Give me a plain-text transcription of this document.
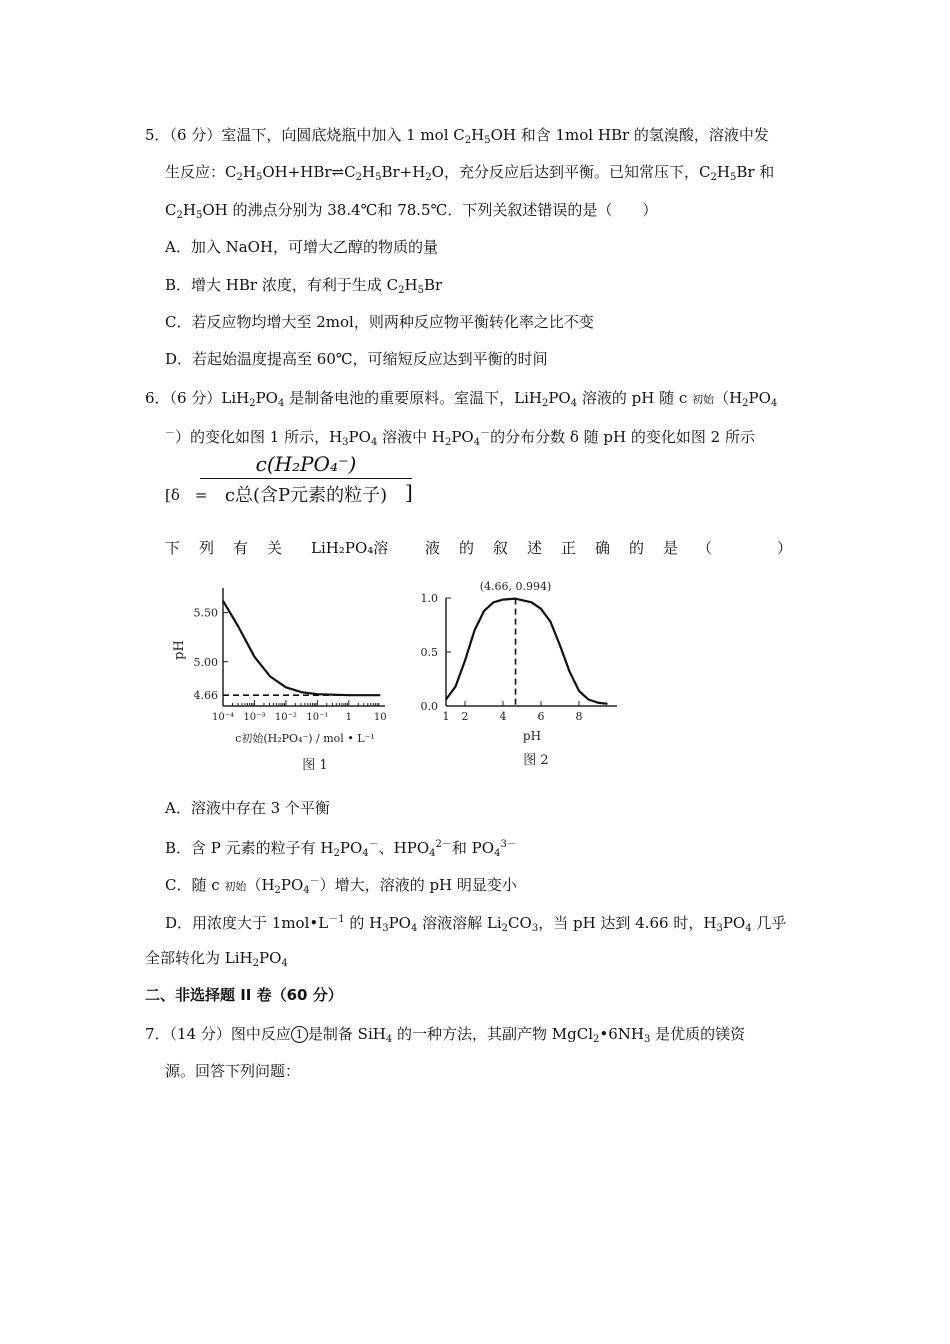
5．（6 分）室温下，向圆底烧瓶中加入 1 mol $C_2H_5OH$ 和含 1mol HBr 的氢溴酸，溶液中发
生反应：$C_2H_5OH+HBr\rightleftharpoons C_2H_5Br+H_2O$，充分反应后达到平衡。已知常压下，$C_2H_5Br$ 和
$C_2H_5OH$ 的沸点分别为 38.4℃和 78.5℃．下列关叙述错误的是（　　）
A．加入 NaOH，可增大乙醇的物质的量
B．增大 HBr 浓度，有利于生成 $C_2H_5Br$
C．若反应物均增大至 2mol，则两种反应物平衡转化率之比不变
D．若起始温度提高至 60℃，可缩短反应达到平衡的时间
6．（6 分）$LiH_2PO_4$ 是制备电池的重要原料。室温下，$LiH_2PO_4$ 溶液的 pH 随 c 初始（$H_2PO_4$
－）的变化如图 1 所示，$H_3PO_4$ 溶液中 $H_2PO_4^-$的分布分数 δ 随 pH 的变化如图 2 所示
[δ　=
c(H₂PO₄⁻)
c总(含P元素的粒子) ]
下 列 有 关 LiH₂PO₄溶 液 的 叙 述 正 确 的 是 （　　　　）
4.66
5.00
5.50
10⁻⁴ 10⁻³ 10⁻² 10⁻¹ 1 10
pH
c初始(H₂PO₄⁻) / mol • L⁻¹
图 1
0.0
0.5
1.0
1 2	4	6	8
(4.66, 0.994)
pH
图 2
A．溶液中存在 3 个平衡
B．含 P 元素的粒子有 $H_2PO_4^-$、$HPO_4^{2-}$和 $PO_4^{3-}$
C．随 c 初始$(H_2PO_4^-)$增大，溶液的 pH 明显变小
D．用浓度大于 $1mol•L^{-1}$ 的 $H_3PO_4$ 溶液溶解 $Li_2CO_3$，当 pH 达到 4.66 时，$H_3PO_4$ 几乎
全部转化为 $LiH_2PO_4$
二、非选择题 II 卷（60 分）
7．（14 分）图中反应 1 是制备 SiH$_4$ 的一种方法，其副产物 $MgCl_2•6NH_3$ 是优质的镁资
源。回答下列问题：
